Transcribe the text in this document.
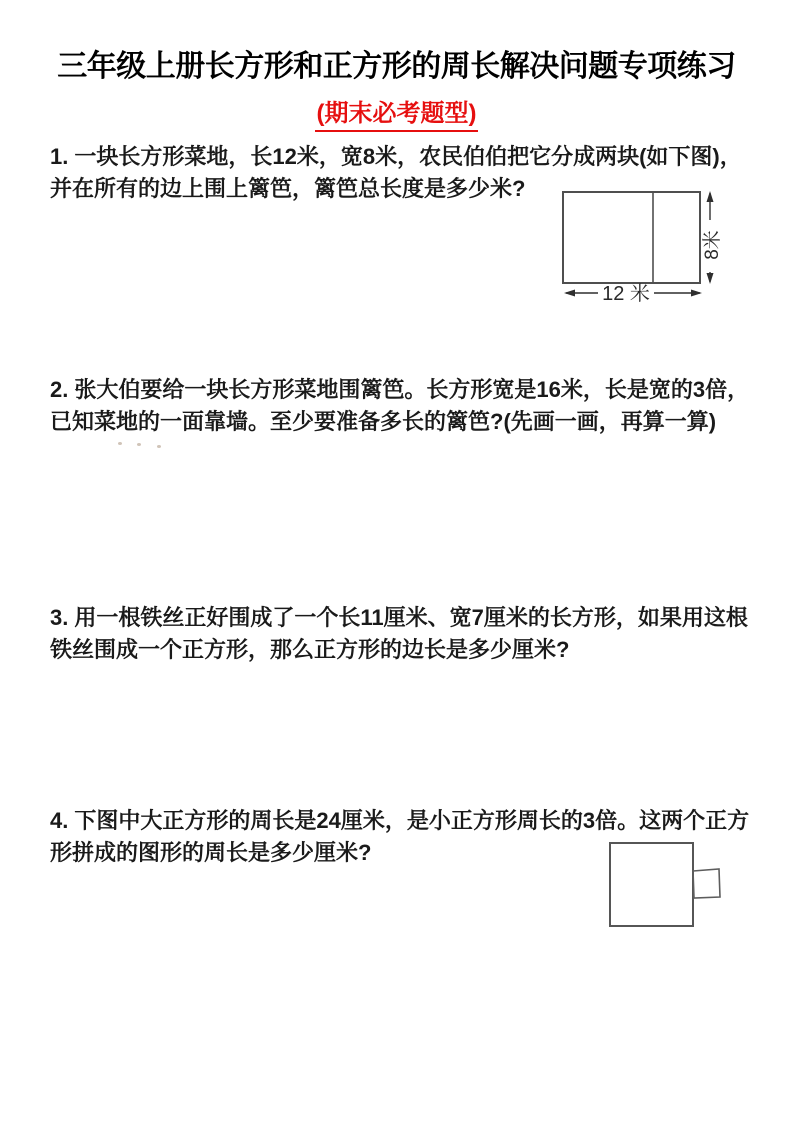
三年级上册长方形和正方形的周长解决问题专项练习
(期末必考题型)
1. 一块长方形菜地，长12米，宽8米，农民伯伯把它分成两块(如下图)，
并在所有的边上围上篱笆，篱笆总长度是多少米?
8米
12 米
2. 张大伯要给一块长方形菜地围篱笆。长方形宽是16米，长是宽的3倍，
已知菜地的一面靠墙。至少要准备多长的篱笆?(先画一画，再算一算)
3. 用一根铁丝正好围成了一个长11厘米、宽7厘米的长方形，如果用这根
铁丝围成一个正方形，那么正方形的边长是多少厘米?
4. 下图中大正方形的周长是24厘米，是小正方形周长的3倍。这两个正方
形拼成的图形的周长是多少厘米?
